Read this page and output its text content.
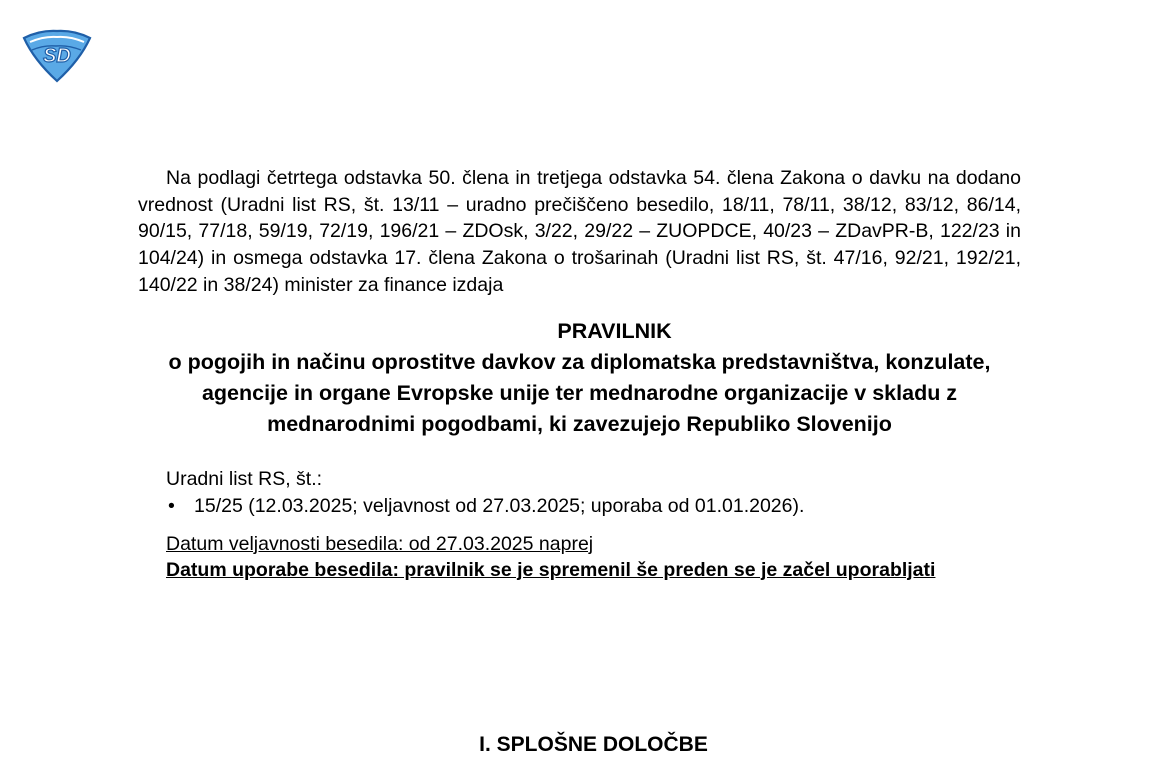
SD

Na podlagi četrtega odstavka 50. člena in tretjega odstavka 54. člena Zakona o davku na dodano vrednost (Uradni list RS, št. 13/11 – uradno prečiščeno besedilo, 18/11, 78/11, 38/12, 83/12, 86/14, 90/15, 77/18, 59/19, 72/19, 196/21 – ZDOsk, 3/22, 29/22 – ZUOPDCE, 40/23 – ZDavPR-B, 122/23 in 104/24) in osmega odstavka 17. člena Zakona o trošarinah (Uradni list RS, št. 47/16, 92/21, 192/21, 140/22 in 38/24) minister za finance izdaja

PRAVILNIK
o pogojih in načinu oprostitve davkov za diplomatska predstavništva, konzulate, agencije in organe Evropske unije ter mednarodne organizacije v skladu z mednarodnimi pogodbami, ki zavezujejo Republiko Slovenijo
Uradni list RS, št.:
• 15/25 (12.03.2025; veljavnost od 27.03.2025; uporaba od 01.01.2026).
Datum veljavnosti besedila: od 27.03.2025 naprej
Datum uporabe besedila: pravilnik se je spremenil še preden se je začel uporabljati
I. SPLOŠNE DOLOČBE
